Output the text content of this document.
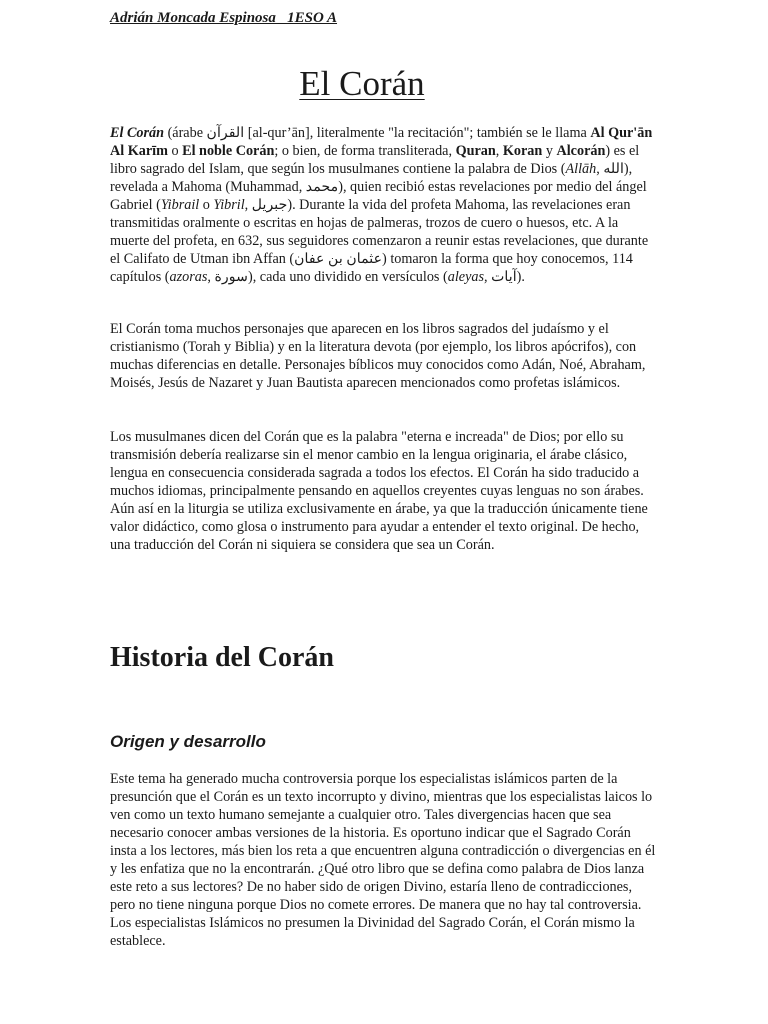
Adrián Moncada Espinosa   1ESO A
El Corán

El Corán (árabe القرآن [al-qur’ān], literalmente "la recitación"; también se le llama Al Qur'ān Al Karīm o El noble Corán; o bien, de forma transliterada, Quran, Koran y Alcorán) es el libro sagrado del Islam, que según los musulmanes contiene la palabra de Dios (Allāh, الله), revelada a Mahoma (Muhammad, محمد), quien recibió estas revelaciones por medio del ángel Gabriel (Yibrail o Yibril, جبريل). Durante la vida del profeta Mahoma, las revelaciones eran transmitidas oralmente o escritas en hojas de palmeras, trozos de cuero o huesos, etc. A la muerte del profeta, en 632, sus seguidores comenzaron a reunir estas revelaciones, que durante el Califato de Utman ibn Affan (عثمان بن عفان) tomaron la forma que hoy conocemos, 114 capítulos (azoras, سورة), cada uno dividido en versículos (aleyas, آيات).

El Corán toma muchos personajes que aparecen en los libros sagrados del judaísmo y el cristianismo (Torah y Biblia) y en la literatura devota (por ejemplo, los libros apócrifos), con muchas diferencias en detalle. Personajes bíblicos muy conocidos como Adán, Noé, Abraham, Moisés, Jesús de Nazaret y Juan Bautista aparecen mencionados como profetas islámicos.

Los musulmanes dicen del Corán que es la palabra "eterna e increada" de Dios; por ello su transmisión debería realizarse sin el menor cambio en la lengua originaria, el árabe clásico, lengua en consecuencia considerada sagrada a todos los efectos. El Corán ha sido traducido a muchos idiomas, principalmente pensando en aquellos creyentes cuyas lenguas no son árabes. Aún así en la liturgia se utiliza exclusivamente en árabe, ya que la traducción únicamente tiene valor didáctico, como glosa o instrumento para ayudar a entender el texto original. De hecho, una traducción del Corán ni siquiera se considera que sea un Corán.

Historia del Corán
Origen y desarrollo

Este tema ha generado mucha controversia porque los especialistas islámicos parten de la presunción que el Corán es un texto incorrupto y divino, mientras que los especialistas laicos lo ven como un texto humano semejante a cualquier otro. Tales divergencias hacen que sea necesario conocer ambas versiones de la historia. Es oportuno indicar que el Sagrado Corán insta a los lectores, más bien los reta a que encuentren alguna contradicción o divergencias en él y les enfatiza que no la encontrarán. ¿Qué otro libro que se defina como palabra de Dios lanza este reto a sus lectores? De no haber sido de origen Divino, estaría lleno de contradicciones, pero no tiene ninguna porque Dios no comete errores. De manera que no hay tal controversia. Los especialistas Islámicos no presumen la Divinidad del Sagrado Corán, el Corán mismo la establece.
